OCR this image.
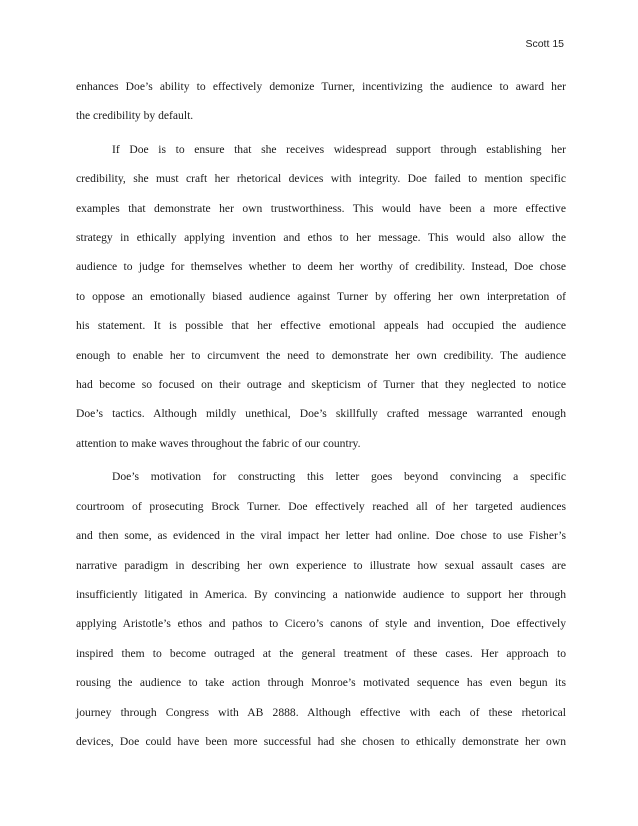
Scott 15
enhances Doe’s ability to effectively demonize Turner, incentivizing the audience to award her
the credibility by default.
If Doe is to ensure that she receives widespread support through establishing her
credibility, she must craft her rhetorical devices with integrity. Doe failed to mention specific
examples that demonstrate her own trustworthiness. This would have been a more effective
strategy in ethically applying invention and ethos to her message. This would also allow the
audience to judge for themselves whether to deem her worthy of credibility. Instead, Doe chose
to oppose an emotionally biased audience against Turner by offering her own interpretation of
his statement. It is possible that her effective emotional appeals had occupied the audience
enough to enable her to circumvent the need to demonstrate her own credibility. The audience
had become so focused on their outrage and skepticism of Turner that they neglected to notice
Doe’s tactics. Although mildly unethical, Doe’s skillfully crafted message warranted enough
attention to make waves throughout the fabric of our country.
Doe’s motivation for constructing this letter goes beyond convincing a specific
courtroom of prosecuting Brock Turner. Doe effectively reached all of her targeted audiences
and then some, as evidenced in the viral impact her letter had online. Doe chose to use Fisher’s
narrative paradigm in describing her own experience to illustrate how sexual assault cases are
insufficiently litigated in America. By convincing a nationwide audience to support her through
applying Aristotle’s ethos and pathos to Cicero’s canons of style and invention, Doe effectively
inspired them to become outraged at the general treatment of these cases. Her approach to
rousing the audience to take action through Monroe’s motivated sequence has even begun its
journey through Congress with AB 2888. Although effective with each of these rhetorical
devices, Doe could have been more successful had she chosen to ethically demonstrate her own
